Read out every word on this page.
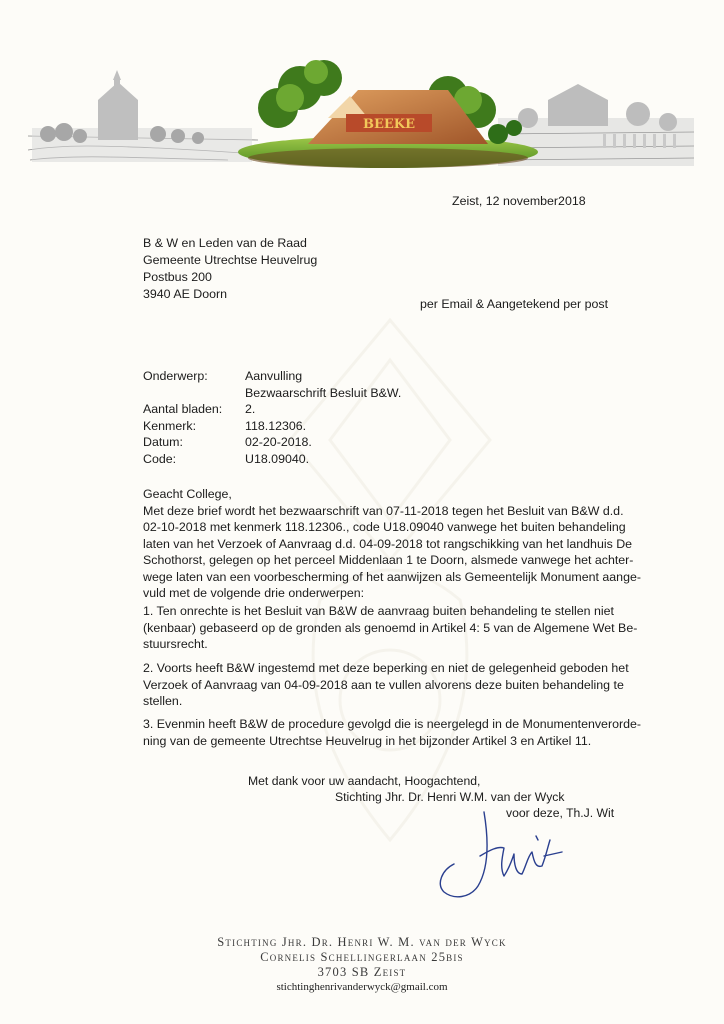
BEEKE
Zeist, 12 november2018
B & W en Leden van de Raad
Gemeente Utrechtse Heuvelrug
Postbus 200
3940 AE Doorn
per Email & Aangetekend per post
Onderwerp:	Aanvulling
Bezwaarschrift Besluit B&W.
Aantal bladen:	2.
Kenmerk:	118.12306.
Datum:	02-20-2018.
Code:	U18.09040.
Geacht College,
Met deze brief wordt het bezwaarschrift van 07-11-2018 tegen het Besluit van B&W d.d.
02-10-2018 met kenmerk 118.12306., code U18.09040 vanwege het buiten behandeling
laten van het Verzoek of Aanvraag d.d. 04-09-2018 tot rangschikking van het landhuis De
Schothorst, gelegen op het perceel Middenlaan 1 te Doorn, alsmede vanwege het achter-
wege laten van een voorbescherming of het aanwijzen als Gemeentelijk Monument aange-
vuld met de volgende drie onderwerpen:
1. Ten onrechte is het Besluit van B&W de aanvraag buiten behandeling te stellen niet
(kenbaar) gebaseerd op de gronden als genoemd in Artikel 4: 5 van de Algemene Wet Be-
stuursrecht.
2. Voorts heeft B&W ingestemd met deze beperking en niet de gelegenheid geboden het
Verzoek of Aanvraag van 04-09-2018 aan te vullen alvorens deze buiten behandeling te
stellen.
3. Evenmin heeft B&W de procedure gevolgd die is neergelegd in de Monumentenverorde-
ning van de gemeente Utrechtse Heuvelrug in het bijzonder Artikel 3 en Artikel 11.
Met dank voor uw aandacht, Hoogachtend,
Stichting Jhr. Dr. Henri W.M. van der Wyck
voor deze, Th.J. Wit
Stichting Jhr. Dr. Henri W. M. van der Wyck
Cornelis Schellingerlaan 25bis
3703 SB Zeist
stichtinghenrivanderwyck@gmail.com
